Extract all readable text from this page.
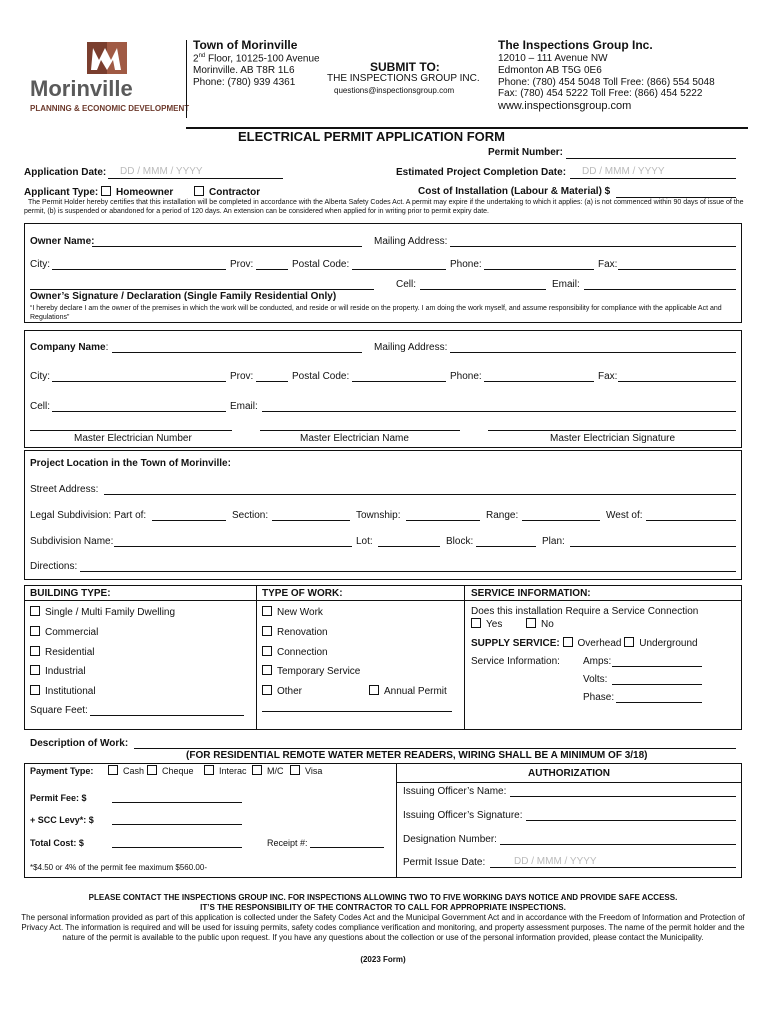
Morinville
PLANNING & ECONOMIC DEVELOPMENT
Town of Morinville
2nd Floor, 10125-100 Avenue
Morinville. AB T8R 1L6
Phone: (780) 939 4361
SUBMIT TO:
THE INSPECTIONS GROUP INC.
questions@inspectionsgroup.com
The Inspections Group Inc.
12010 – 111 Avenue NW
Edmonton AB T5G 0E6
Phone: (780) 454 5048 Toll Free: (866) 554 5048
Fax: (780) 454 5222 Toll Free: (866) 454 5222
www.inspectionsgroup.com
ELECTRICAL PERMIT APPLICATION FORM
Permit Number:
Application Date: DD / MMM / YYYY	Estimated Project Completion Date: DD / MMM / YYYY
Applicant Type: Homeowner	Contractor	Cost of Installation (Labour & Material) $
The Permit Holder hereby certifies that this installation will be completed in accordance with the Alberta Safety Codes Act. A permit may expire if the undertaking to which it applies: (a) is not commenced within 90 days of issue of the permit, (b) is suspended or abandoned for a period of 120 days. An extension can be considered when applied for in writing prior to permit expiry date.
Owner Name:	Mailing Address:
City:	Prov:	Postal Code:	Phone:	Fax:
Cell:	Email:
Owner’s Signature / Declaration (Single Family Residential Only)
“I hereby declare I am the owner of the premises in which the work will be conducted, and reside or will reside on the property. I am doing the work myself, and assume responsibility for compliance with the applicable Act and Regulations”
Company Name:	Mailing Address:
City:	Prov:	Postal Code:	Phone:	Fax:
Cell:	Email:
Master Electrician Number	Master Electrician Name	Master Electrician Signature
Project Location in the Town of Morinville:
Street Address:
Legal Subdivision: Part of:	Section:	Township:	Range:	West of:
Subdivision Name:	Lot:	Block:	Plan:
Directions:
BUILDING TYPE:
Single / Multi Family Dwelling
Commercial
Residential
Industrial
Institutional
Square Feet:
TYPE OF WORK:
New Work
Renovation
Connection
Temporary Service
Other	Annual Permit
SERVICE INFORMATION:
Does this installation Require a Service Connection
Yes	No
SUPPLY SERVICE: Overhead Underground
Service Information: Amps:
Volts:
Phase:
Description of Work:
(FOR RESIDENTIAL REMOTE WATER METER READERS, WIRING SHALL BE A MINIMUM OF 3/18)
Payment Type:	Cash	Cheque	Interac	M/C	Visa
Permit Fee: $
+ SCC Levy*: $
Total Cost: $	Receipt #:
*$4.50 or 4% of the permit fee maximum $560.00-
AUTHORIZATION
Issuing Officer’s Name:
Issuing Officer’s Signature:
Designation Number:
Permit Issue Date:	DD / MMM / YYYY
PLEASE CONTACT THE INSPECTIONS GROUP INC. FOR INSPECTIONS ALLOWING TWO TO FIVE WORKING DAYS NOTICE AND PROVIDE SAFE ACCESS.
IT’S THE RESPONSIBILITY OF THE CONTRACTOR TO CALL FOR APPROPRIATE INSPECTIONS.
The personal information provided as part of this application is collected under the Safety Codes Act and the Municipal Government Act and in accordance with the Freedom of Information and Protection of Privacy Act. The information is required and will be used for issuing permits, safety codes compliance verification and monitoring, and property assessment purposes. The name of the permit holder and the nature of the permit is available to the public upon request. If you have any questions about the collection or use of the personal information provided, please contact the Municipality.
(2023 Form)
